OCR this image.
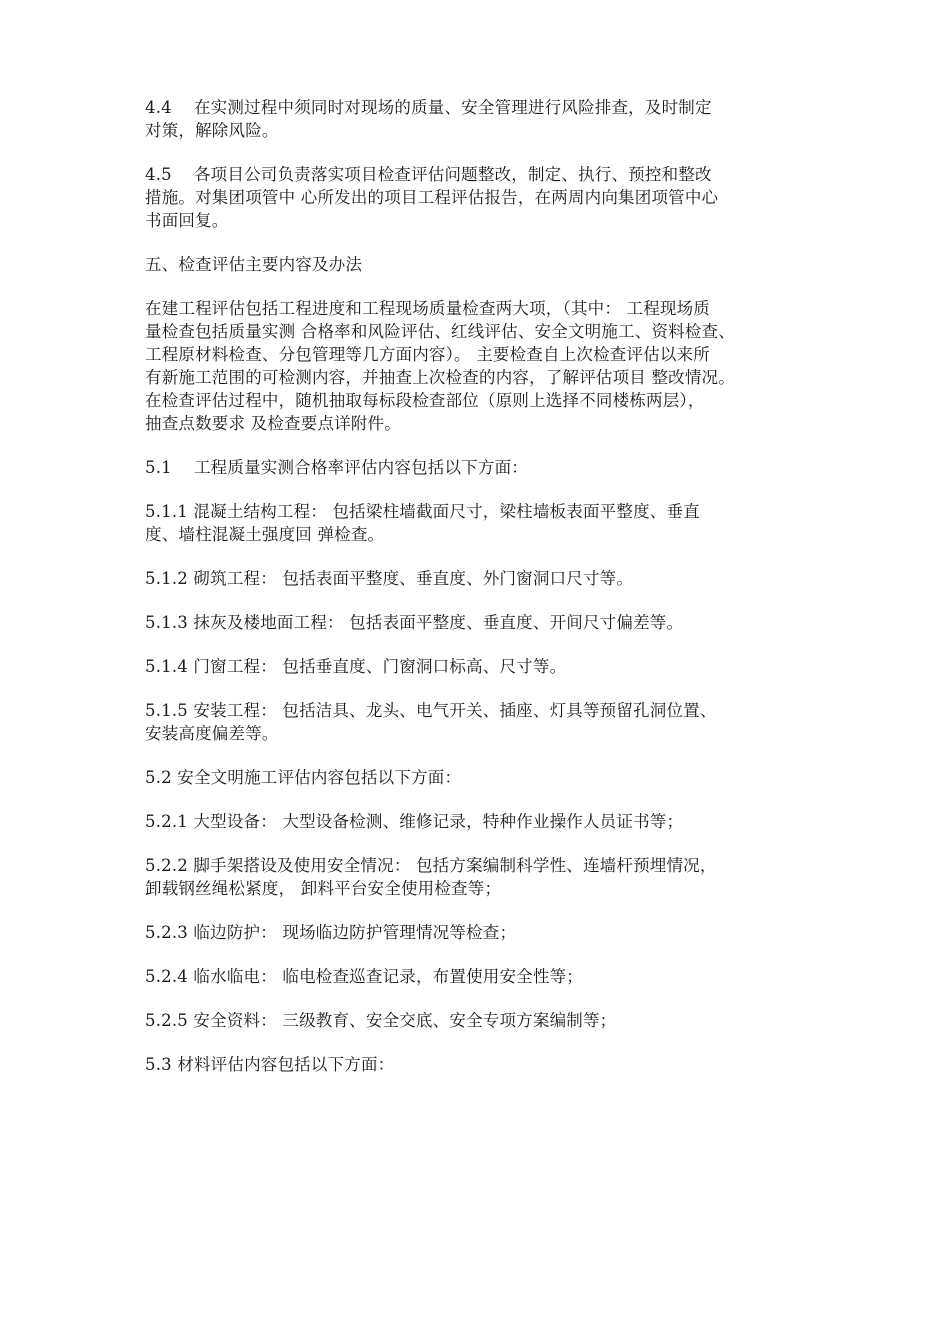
4.4　 在实测过程中须同时对现场的质量、安全管理进行风险排查，及时制定
对策，解除风险。

4.5　 各项目公司负责落实项目检查评估问题整改，制定、执行、预控和整改
措施。对集团项管中 心所发出的项目工程评估报告，在两周内向集团项管中心
书面回复。

五、检查评估主要内容及办法

在建工程评估包括工程进度和工程现场质量检查两大项，（其中： 工程现场质
量检查包括质量实测 合格率和风险评估、红线评估、安全文明施工、资料检查、
工程原材料检查、分包管理等几方面内容）。 主要检查自上次检查评估以来所
有新施工范围的可检测内容，并抽查上次检查的内容，了解评估项目 整改情况。
在检查评估过程中，随机抽取每标段检查部位（原则上选择不同楼栋两层），
抽查点数要求 及检查要点详附件。

5.1　 工程质量实测合格率评估内容包括以下方面：

5.1.1 混凝土结构工程： 包括梁柱墙截面尺寸，梁柱墙板表面平整度、垂直
度、墙柱混凝土强度回 弹检查。

5.1.2 砌筑工程： 包括表面平整度、垂直度、外门窗洞口尺寸等。

5.1.3 抹灰及楼地面工程： 包括表面平整度、垂直度、开间尺寸偏差等。

5.1.4 门窗工程： 包括垂直度、门窗洞口标高、尺寸等。

5.1.5 安装工程： 包括洁具、龙头、电气开关、插座、灯具等预留孔洞位置、
安装高度偏差等。

5.2 安全文明施工评估内容包括以下方面：

5.2.1 大型设备： 大型设备检测、维修记录，特种作业操作人员证书等；

5.2.2 脚手架搭设及使用安全情况： 包括方案编制科学性、连墙杆预埋情况，
卸载钢丝绳松紧度， 卸料平台安全使用检查等；

5.2.3 临边防护： 现场临边防护管理情况等检查；

5.2.4 临水临电： 临电检查巡查记录，布置使用安全性等；

5.2.5 安全资料： 三级教育、安全交底、安全专项方案编制等；

5.3 材料评估内容包括以下方面：
